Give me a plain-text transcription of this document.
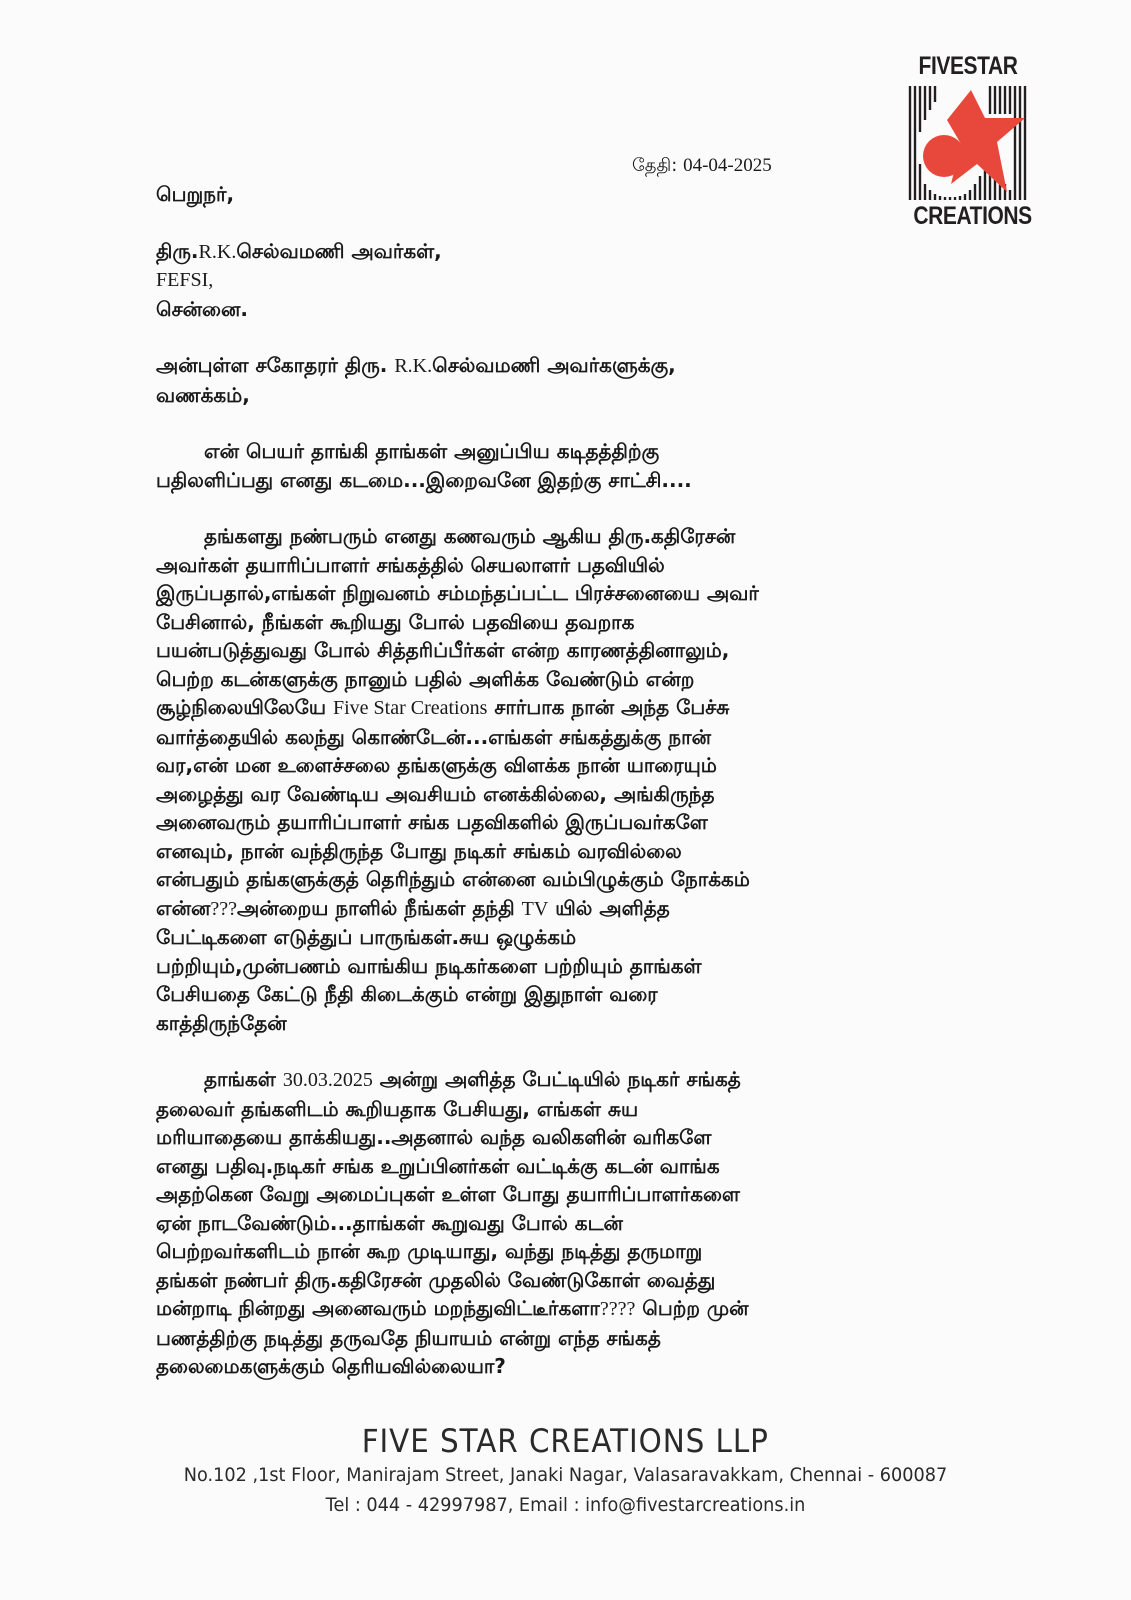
FIVESTAR
CREATIONS
தேதி: 04-04-2025
பெறுநர்,
திரு.R.K.செல்வமணி அவர்கள்,
FEFSI,
சென்னை.
அன்புள்ள சகோதரர் திரு. R.K.செல்வமணி அவர்களுக்கு,
வணக்கம்,
என் பெயர் தாங்கி தாங்கள் அனுப்பிய கடிதத்திற்கு
பதிலளிப்பது எனது கடமை...இறைவனே இதற்கு சாட்சி....
தங்களது நண்பரும் எனது கணவரும் ஆகிய திரு.கதிரேசன்
அவர்கள் தயாரிப்பாளர் சங்கத்தில் செயலாளர் பதவியில்
இருப்பதால்,எங்கள் நிறுவனம் சம்மந்தப்பட்ட பிரச்சனையை அவர்
பேசினால், நீங்கள் கூறியது போல் பதவியை தவறாக
பயன்படுத்துவது போல் சித்தரிப்பீர்கள் என்ற காரணத்தினாலும்,
பெற்ற கடன்களுக்கு நானும் பதில் அளிக்க வேண்டும் என்ற
சூழ்நிலையிலேயே Five Star Creations சார்பாக நான் அந்த பேச்சு
வார்த்தையில் கலந்து கொண்டேன்...எங்கள் சங்கத்துக்கு நான்
வர,என் மன உளைச்சலை தங்களுக்கு விளக்க நான் யாரையும்
அழைத்து வர வேண்டிய அவசியம் எனக்கில்லை, அங்கிருந்த
அனைவரும் தயாரிப்பாளர் சங்க பதவிகளில் இருப்பவர்களே
எனவும், நான் வந்திருந்த போது நடிகர் சங்கம் வரவில்லை
என்பதும் தங்களுக்குத் தெரிந்தும் என்னை வம்பிழுக்கும் நோக்கம்
என்ன???அன்றைய நாளில் நீங்கள் தந்தி TV யில் அளித்த
பேட்டிகளை எடுத்துப் பாருங்கள்.சுய ஒழுக்கம்
பற்றியும்,முன்பணம் வாங்கிய நடிகர்களை பற்றியும் தாங்கள்
பேசியதை கேட்டு நீதி கிடைக்கும் என்று இதுநாள் வரை
காத்திருந்தேன்
தாங்கள் 30.03.2025 அன்று அளித்த பேட்டியில் நடிகர் சங்கத்
தலைவர் தங்களிடம் கூறியதாக பேசியது, எங்கள் சுய
மரியாதையை தாக்கியது..அதனால் வந்த வலிகளின் வரிகளே
எனது பதிவு.நடிகர் சங்க உறுப்பினர்கள் வட்டிக்கு கடன் வாங்க
அதற்கென வேறு அமைப்புகள் உள்ள போது தயாரிப்பாளர்களை
ஏன் நாடவேண்டும்...தாங்கள் கூறுவது போல் கடன்
பெற்றவர்களிடம் நான் கூற முடியாது, வந்து நடித்து தருமாறு
தங்கள் நண்பர் திரு.கதிரேசன் முதலில் வேண்டுகோள் வைத்து
மன்றாடி நின்றது அனைவரும் மறந்துவிட்டீர்களா???? பெற்ற முன்
பணத்திற்கு நடித்து தருவதே நியாயம் என்று எந்த சங்கத்
தலைமைகளுக்கும் தெரியவில்லையா?
FIVE STAR CREATIONS LLP
No.102 ,1st Floor, Manirajam Street, Janaki Nagar, Valasaravakkam, Chennai - 600087
Tel : 044 - 42997987, Email : info@fivestarcreations.in
